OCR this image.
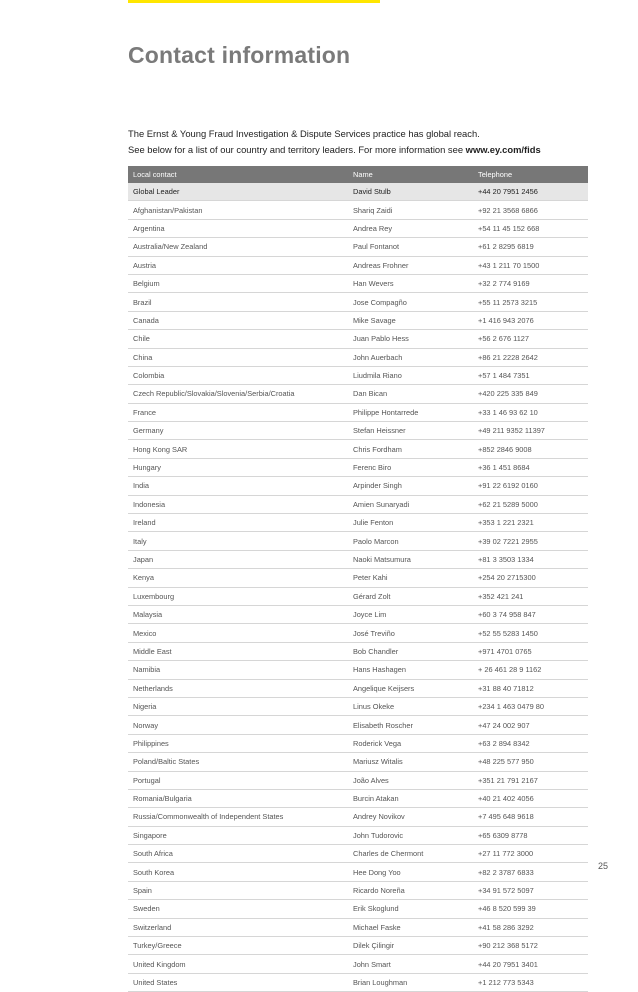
Contact information
The Ernst & Young Fraud Investigation & Dispute Services practice has global reach.
See below for a list of our country and territory leaders. For more information see www.ey.com/fids
Local contact	Name	Telephone
Global Leader	David Stulb	+44 20 7951 2456
Afghanistan/Pakistan	Shariq Zaidi	+92 21 3568 6866
Argentina	Andrea Rey	+54 11 45 152 668
Australia/New Zealand	Paul Fontanot	+61 2 8295 6819
Austria	Andreas Frohner	+43 1 211 70 1500
Belgium	Han Wevers	+32 2 774 9169
Brazil	Jose Compagño	+55 11 2573 3215
Canada	Mike Savage	+1 416 943 2076
Chile	Juan Pablo Hess	+56 2 676 1127
China	John Auerbach	+86 21 2228 2642
Colombia	Liudmila Riano	+57 1 484 7351
Czech Republic/Slovakia/Slovenia/Serbia/Croatia	Dan Bican	+420 225 335 849
France	Philippe Hontarrede	+33 1 46 93 62 10
Germany	Stefan Heissner	+49 211 9352 11397
Hong Kong SAR	Chris Fordham	+852 2846 9008
Hungary	Ferenc Biro	+36 1 451 8684
India	Arpinder Singh	+91 22 6192 0160
Indonesia	Amien Sunaryadi	+62 21 5289 5000
Ireland	Julie Fenton	+353 1 221 2321
Italy	Paolo Marcon	+39 02 7221 2955
Japan	Naoki Matsumura	+81 3 3503 1334
Kenya	Peter Kahi	+254 20 2715300
Luxembourg	Gérard Zolt	+352 421 241
Malaysia	Joyce Lim	+60 3 74 958 847
Mexico	José Treviño	+52 55 5283 1450
Middle East	Bob Chandler	+971 4701 0765
Namibia	Hans Hashagen	+ 26 461 28 9 1162
Netherlands	Angelique Keijsers	+31 88 40 71812
Nigeria	Linus Okeke	+234 1 463 0479 80
Norway	Elisabeth Roscher	+47 24 002 907
Philippines	Roderick Vega	+63 2 894 8342
Poland/Baltic States	Mariusz Witalis	+48 225 577 950
Portugal	João Alves	+351 21 791 2167
Romania/Bulgaria	Burcin Atakan	+40 21 402 4056
Russia/Commonwealth of Independent States	Andrey Novikov	+7 495 648 9618
Singapore	John Tudorovic	+65 6309 8778
South Africa	Charles de Chermont	+27 11 772 3000
South Korea	Hee Dong Yoo	+82 2 3787 6833
Spain	Ricardo Noreña	+34 91 572 5097
Sweden	Erik Skoglund	+46 8 520 599 39
Switzerland	Michael Faske	+41 58 286 3292
Turkey/Greece	Dilek Çilingir	+90 212 368 5172
United Kingdom	John Smart	+44 20 7951 3401
United States	Brian Loughman	+1 212 773 5343
25
